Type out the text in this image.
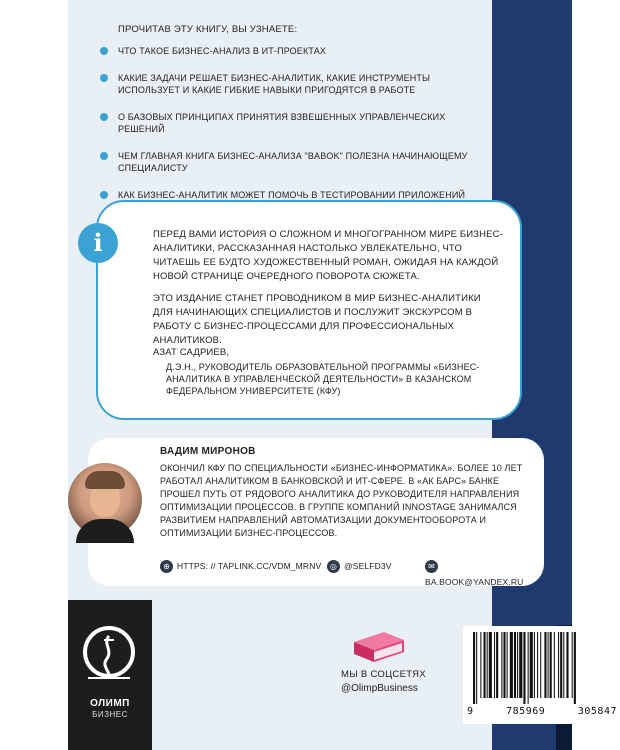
ПРОЧИТАВ ЭТУ КНИГУ, ВЫ УЗНАЕТЕ:
ЧТО ТАКОЕ БИЗНЕС-АНАЛИЗ В ИТ-ПРОЕКТАХ
КАКИЕ ЗАДАЧИ РЕШАЕТ БИЗНЕС-АНАЛИТИК, КАКИЕ ИНСТРУМЕНТЫ ИСПОЛЬЗУЕТ И КАКИЕ ГИБКИЕ НАВЫКИ ПРИГОДЯТСЯ В РАБОТЕ
О БАЗОВЫХ ПРИНЦИПАХ ПРИНЯТИЯ ВЗВЕШЕННЫХ УПРАВЛЕНЧЕСКИХ РЕШЕНИЙ
ЧЕМ ГЛАВНАЯ КНИГА БИЗНЕС-АНАЛИЗА "BABOK" ПОЛЕЗНА НАЧИНАЮЩЕМУ СПЕЦИАЛИСТУ
КАК БИЗНЕС-АНАЛИТИК МОЖЕТ ПОМОЧЬ В ТЕСТИРОВАНИИ ПРИЛОЖЕНИЙ
i	ПЕРЕД ВАМИ ИСТОРИЯ О СЛОЖНОМ И МНОГОГРАННОМ МИРЕ БИЗНЕС-АНАЛИТИКИ, РАССКАЗАННАЯ НАСТОЛЬКО УВЛЕКАТЕЛЬНО, ЧТО ЧИТАЕШЬ ЕЕ БУДТО ХУДОЖЕСТВЕННЫЙ РОМАН, ОЖИДАЯ НА КАЖДОЙ НОВОЙ СТРАНИЦЕ ОЧЕРЕДНОГО ПОВОРОТА СЮЖЕТА.

ЭТО ИЗДАНИЕ СТАНЕТ ПРОВОДНИКОМ В МИР БИЗНЕС-АНАЛИТИКИ ДЛЯ НАЧИНАЮЩИХ СПЕЦИАЛИСТОВ И ПОСЛУЖИТ ЭКСКУРСОМ В РАБОТУ С БИЗНЕС-ПРОЦЕССАМИ ДЛЯ ПРОФЕССИОНАЛЬНЫХ АНАЛИТИКОВ.

АЗАТ САДРИЕВ,
Д.Э.Н., РУКОВОДИТЕЛЬ ОБРАЗОВАТЕЛЬНОЙ ПРОГРАММЫ «БИЗНЕС-АНАЛИТИКА В УПРАВЛЕНЧЕСКОЙ ДЕЯТЕЛЬНОСТИ» В КАЗАНСКОМ ФЕДЕРАЛЬНОМ УНИВЕРСИТЕТЕ (КФУ)
ВАДИМ МИРОНОВ
ОКОНЧИЛ КФУ ПО СПЕЦИАЛЬНОСТИ «БИЗНЕС-ИНФОРМАТИКА». БОЛЕЕ 10 ЛЕТ РАБОТАЛ АНАЛИТИКОМ В БАНКОВСКОЙ И ИТ-СФЕРЕ. В «АК БАРС» БАНКЕ ПРОШЕЛ ПУТЬ ОТ РЯДОВОГО АНАЛИТИКА ДО РУКОВОДИТЕЛЯ НАПРАВЛЕНИЯ ОПТИМИЗАЦИИ ПРОЦЕССОВ. В ГРУППЕ КОМПАНИЙ INNOSTAGE ЗАНИМАЛСЯ РАЗВИТИЕМ НАПРАВЛЕНИЙ АВТОМАТИЗАЦИИ ДОКУМЕНТООБОРОТА И ОПТИМИЗАЦИИ БИЗНЕС-ПРОЦЕССОВ.
⊕ HTTPS: // TAPLINK.CC/VDM_MRNV	◎ @SELFD3V	✉BA.BOOK@YANDEX.RU
МЫ В СОЦСЕТЯХ
@OlimpBusiness
9	785969	305847
ОЛИМП
БИЗНЕС
